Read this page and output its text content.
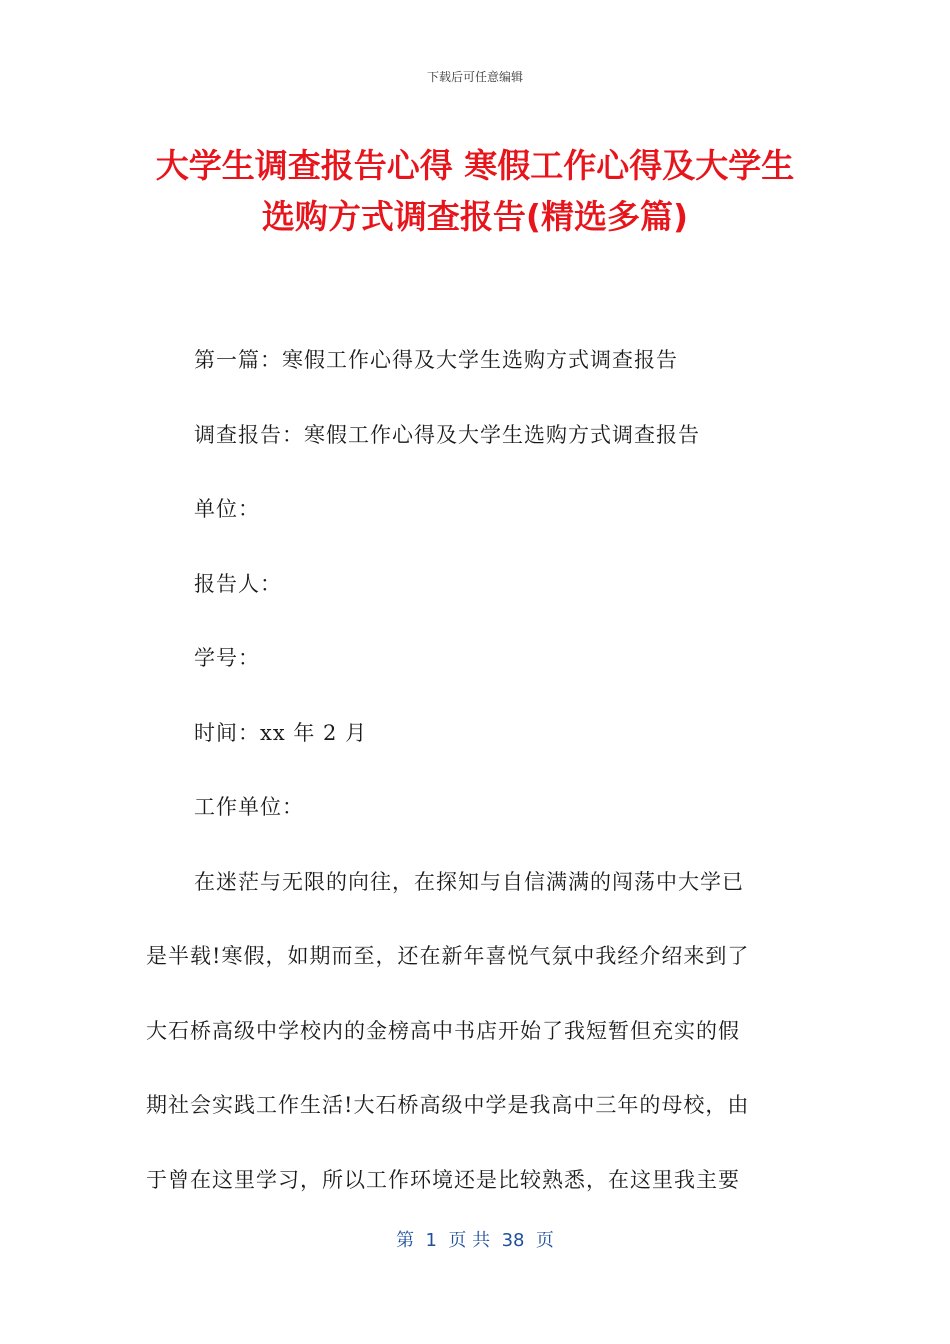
下载后可任意编辑
大学生调查报告心得 寒假工作心得及大学生
选购方式调查报告(精选多篇)

第一篇：寒假工作心得及大学生选购方式调查报告

调查报告：寒假工作心得及大学生选购方式调查报告

单位：

报告人：

学号：

时间：xx 年 2 月

工作单位：

在迷茫与无限的向往，在探知与自信满满的闯荡中大学已

是半载!寒假，如期而至，还在新年喜悦气氛中我经介绍来到了

大石桥高级中学校内的金榜高中书店开始了我短暂但充实的假

期社会实践工作生活!大石桥高级中学是我高中三年的母校，由

于曾在这里学习，所以工作环境还是比较熟悉，在这里我主要

第  1  页 共  38  页
